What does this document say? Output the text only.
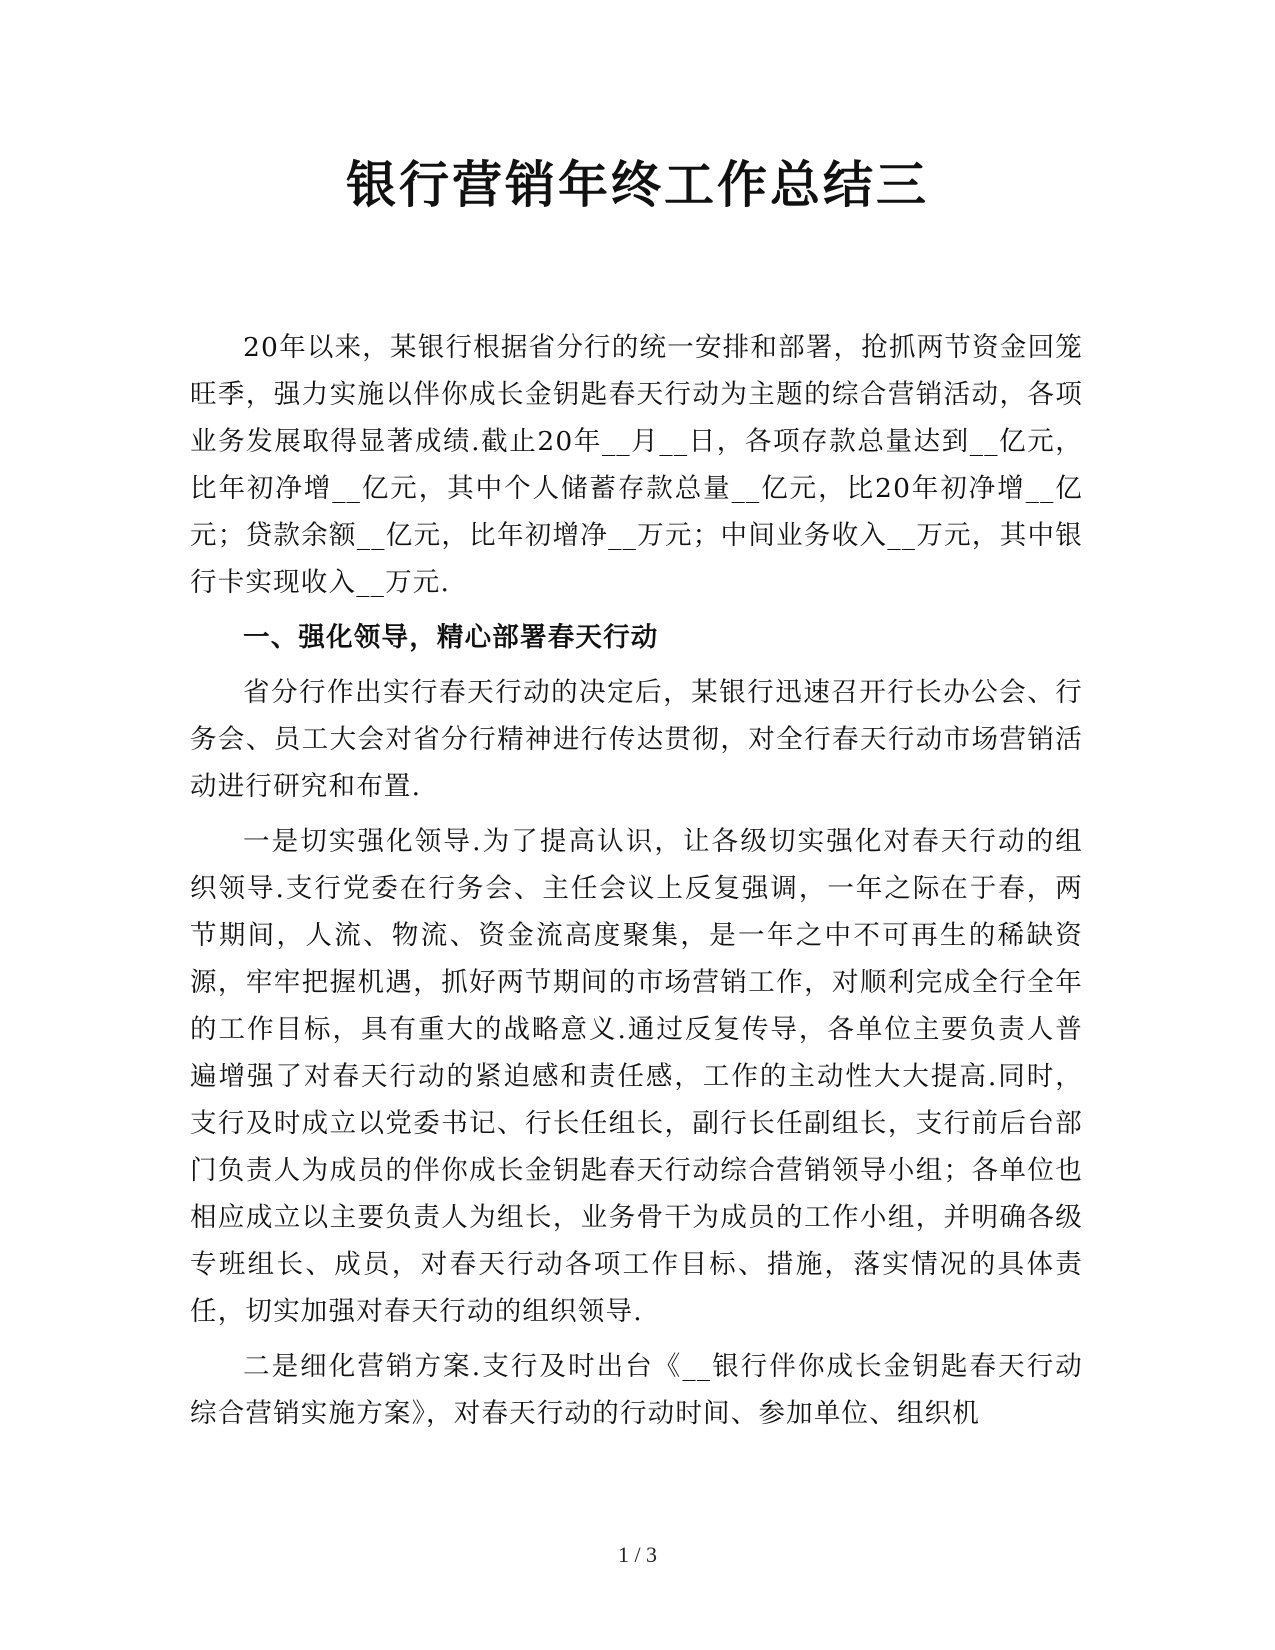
银行营销年终工作总结三

20年以来，某银行根据省分行的统一安排和部署，抢抓两节资金回笼旺季，强力实施以伴你成长金钥匙春天行动为主题的综合营销活动，各项业务发展取得显著成绩.截止20年__月__日，各项存款总量达到__亿元，比年初净增__亿元，其中个人储蓄存款总量__亿元，比20年初净增__亿元；贷款余额__亿元，比年初增净__万元；中间业务收入__万元，其中银行卡实现收入__万元.

一、强化领导，精心部署春天行动

省分行作出实行春天行动的决定后，某银行迅速召开行长办公会、行务会、员工大会对省分行精神进行传达贯彻，对全行春天行动市场营销活动进行研究和布置.

一是切实强化领导.为了提高认识，让各级切实强化对春天行动的组织领导.支行党委在行务会、主任会议上反复强调，一年之际在于春，两节期间，人流、物流、资金流高度聚集，是一年之中不可再生的稀缺资源，牢牢把握机遇，抓好两节期间的市场营销工作，对顺利完成全行全年的工作目标，具有重大的战略意义.通过反复传导，各单位主要负责人普遍增强了对春天行动的紧迫感和责任感，工作的主动性大大提高.同时，支行及时成立以党委书记、行长任组长，副行长任副组长，支行前后台部门负责人为成员的伴你成长金钥匙春天行动综合营销领导小组；各单位也相应成立以主要负责人为组长，业务骨干为成员的工作小组，并明确各级专班组长、成员，对春天行动各项工作目标、措施，落实情况的具体责任，切实加强对春天行动的组织领导.

二是细化营销方案.支行及时出台《__银行伴你成长金钥匙春天行动综合营销实施方案》，对春天行动的行动时间、参加单位、组织机

1 / 3
